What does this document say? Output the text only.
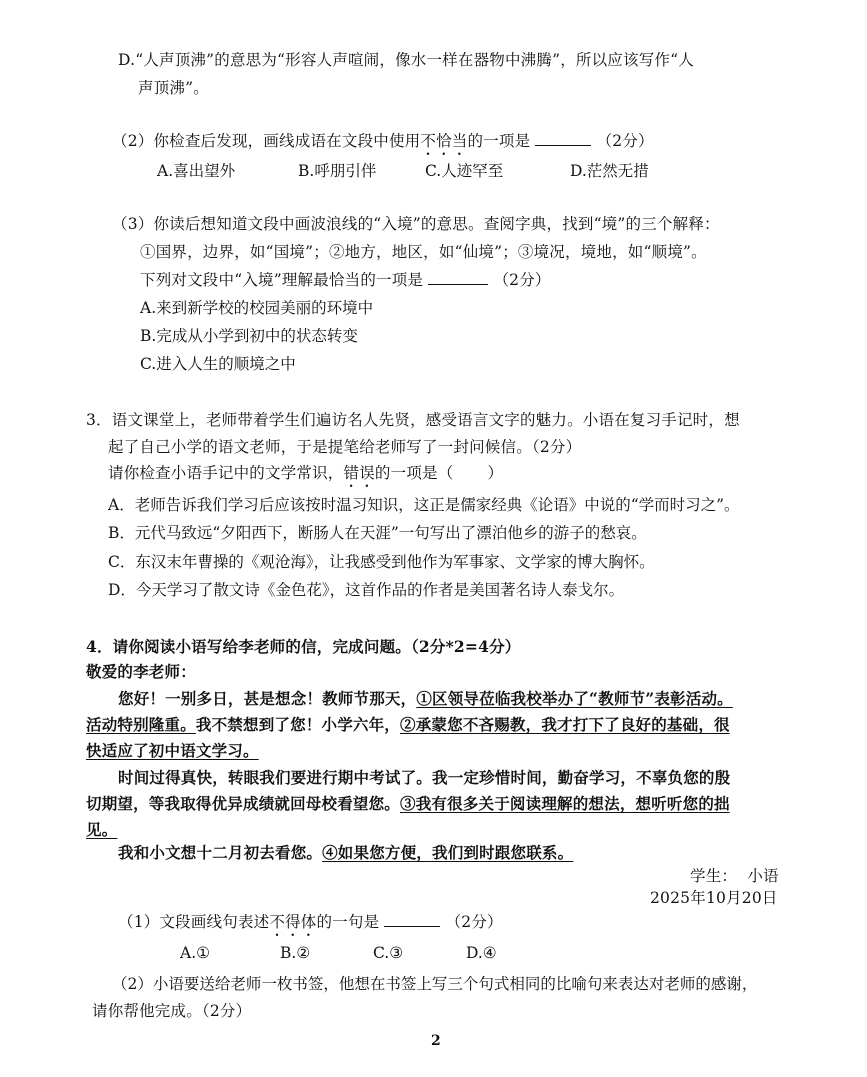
D.“人声顶沸”的意思为“形容人声喧闹，像水一样在器物中沸腾”，所以应该写作“人
声顶沸”。
（2）你检查后发现，画线成语在文段中使用不恰当的一项是	（2分）
A.喜出望外	B.呼朋引伴	C.人迹罕至	D.茫然无措
（3）你读后想知道文段中画波浪线的“入境”的意思。查阅字典，找到“境”的三个解释：
①国界，边界，如“国境”；②地方，地区，如“仙境”；③境况，境地，如“顺境”。
下列对文段中“入境”理解最恰当的一项是	（2分）
A.来到新学校的校园美丽的环境中
B.完成从小学到初中的状态转变
C.进入人生的顺境之中
3．语文课堂上，老师带着学生们遍访名人先贤，感受语言文字的魅力。小语在复习手记时，想
起了自己小学的语文老师，于是提笔给老师写了一封问候信。（2分）
请你检查小语手记中的文学常识，错误的一项是（ ）
A．老师告诉我们学习后应该按时温习知识，这正是儒家经典《论语》中说的“学而时习之”。
B．元代马致远“夕阳西下，断肠人在天涯”一句写出了漂泊他乡的游子的愁哀。
C．东汉末年曹操的《观沧海》，让我感受到他作为军事家、文学家的博大胸怀。
D．今天学习了散文诗《金色花》，这首作品的作者是美国著名诗人泰戈尔。
4．请你阅读小语写给李老师的信，完成问题。（2分*2=4分）
敬爱的李老师：
您好！一别多日，甚是想念！教师节那天，①区领导莅临我校举办了“教师节”表彰活动。
活动特别隆重。我不禁想到了您！小学六年，②承蒙您不吝赐教，我才打下了良好的基础，很
快适应了初中语文学习。
时间过得真快，转眼我们要进行期中考试了。我一定珍惜时间，勤奋学习，不辜负您的殷
切期望，等我取得优异成绩就回母校看望您。③我有很多关于阅读理解的想法，想听听您的拙
见。
我和小文想十二月初去看您。④如果您方便，我们到时跟您联系。
学生：  小语
2025年10月20日
（1）文段画线句表述不得体的一句是	（2分）
A.①	B.②	C.③	D.④
（2）小语要送给老师一枚书签，他想在书签上写三个句式相同的比喻句来表达对老师的感谢，
请你帮他完成。（2分）
2
